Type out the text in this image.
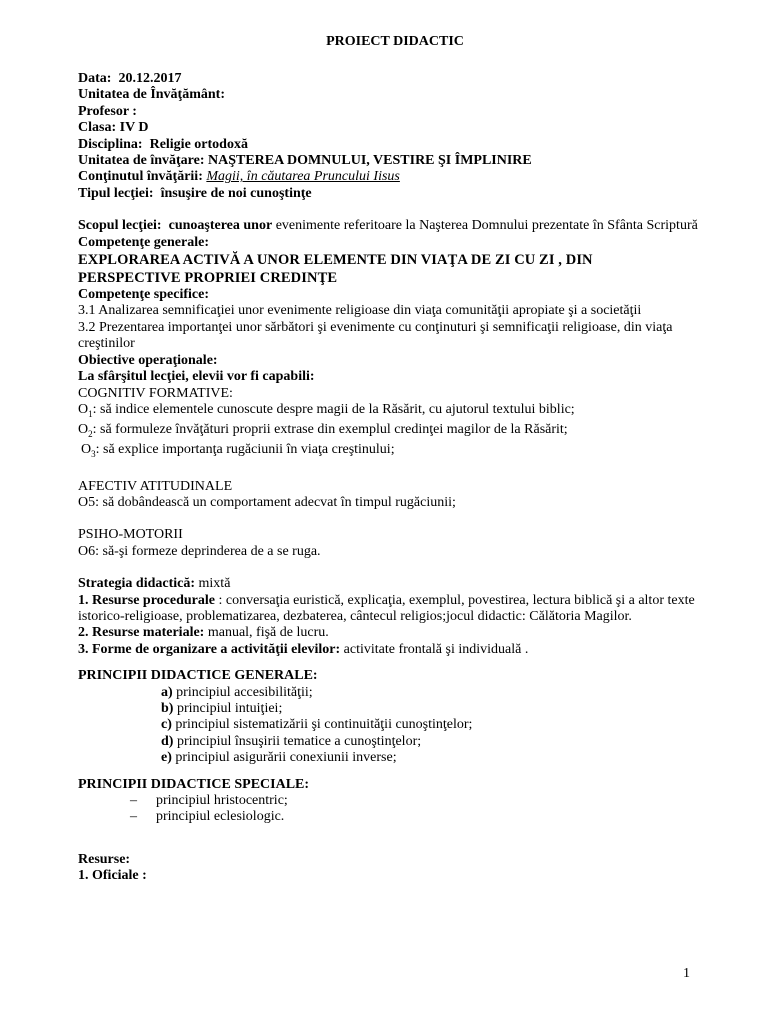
PROIECT DIDACTIC
Data: 20.12.2017
Unitatea de Învăţământ:
Profesor :
Clasa: IV D
Disciplina: Religie ortodoxă
Unitatea de învăţare: NAŞTEREA DOMNULUI, VESTIRE ŞI ÎMPLINIRE
Conţinutul învăţării: Magii, în căutarea Pruncului Iisus
Tipul lecţiei: însuşire de noi cunoştinţe
Scopul lecţiei: cunoaşterea unor evenimente referitoare la Naşterea Domnului prezentate în Sfânta Scriptură
Competenţe generale:
EXPLORAREA ACTIVĂ A UNOR ELEMENTE DIN VIAŢA DE ZI CU ZI , DIN PERSPECTIVE PROPRIEI CREDINŢE
Competenţe specifice:
3.1 Analizarea semnificaţiei unor evenimente religioase din viaţa comunităţii apropiate şi a societăţii
3.2 Prezentarea importanţei unor sărbători şi evenimente cu conţinuturi şi semnificaţii religioase, din viaţa creştinilor
Obiective operaţionale:
La sfârşitul lecţiei, elevii vor fi capabili:
COGNITIV FORMATIVE:
$O_1$: să indice elementele cunoscute despre magii de la Răsărit, cu ajutorul textului biblic;
$O_2$: să formuleze învăţături proprii extrase din exemplul credinţei magilor de la Răsărit;
$O_3$: să explice importanţa rugăciunii în viaţa creştinului;
AFECTIV ATITUDINALE
O5: să dobândească un comportament adecvat în timpul rugăciunii;
PSIHO-MOTORII
O6: să-şi formeze deprinderea de a se ruga.
Strategia didactică: mixtă
1. Resurse procedurale : conversaţia euristică, explicaţia, exemplul, povestirea, lectura biblică şi a altor texte istorico-religioase, problematizarea, dezbaterea, cântecul religios;jocul didactic: Călătoria Magilor.
2. Resurse materiale: manual, fişă de lucru.
3. Forme de organizare a activităţii elevilor: activitate frontală şi individuală .
PRINCIPII DIDACTICE GENERALE:
a) principiul accesibilităţii;
b) principiul intuiţiei;
c) principiul sistematizării şi continuităţii cunoştinţelor;
d) principiul însuşirii tematice a cunoştinţelor;
e) principiul asigurării conexiunii inverse;
PRINCIPII DIDACTICE SPECIALE:
– principiul hristocentric;
– principiul eclesiologic.
Resurse:
1. Oficiale :
1
